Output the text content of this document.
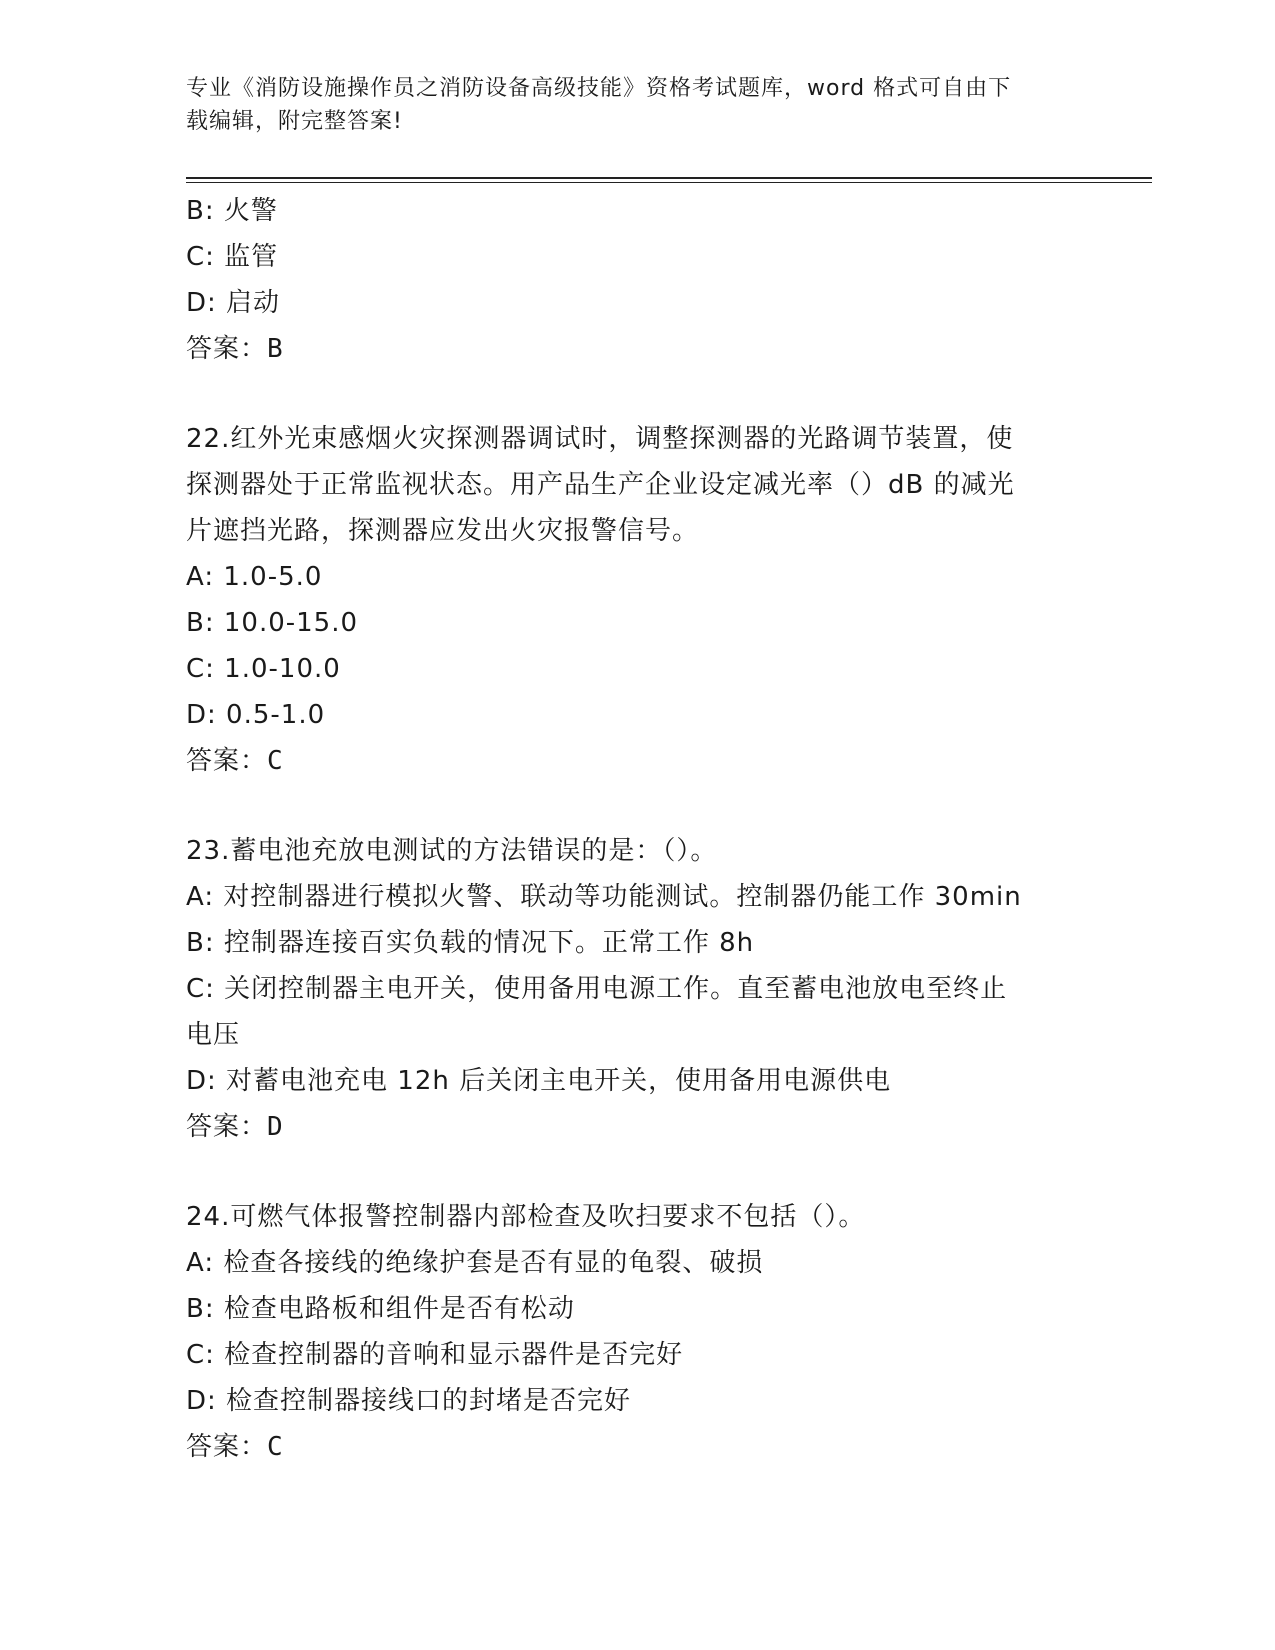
专业《消防设施操作员之消防设备高级技能》资格考试题库，word 格式可自由下
载编辑，附完整答案!
B: 火警
C: 监管
D: 启动
答案：B
22.红外光束感烟火灾探测器调试时，调整探测器的光路调节装置，使
探测器处于正常监视状态。用产品生产企业设定减光率（）dB 的减光
片遮挡光路，探测器应发出火灾报警信号。
A: 1.0-5.0
B: 10.0-15.0
C: 1.0-10.0
D: 0.5-1.0
答案：C
23.蓄电池充放电测试的方法错误的是：（）。
A: 对控制器进行模拟火警、联动等功能测试。控制器仍能工作 30min
B: 控制器连接百实负载的情况下。正常工作 8h
C: 关闭控制器主电开关，使用备用电源工作。直至蓄电池放电至终止
电压
D: 对蓄电池充电 12h 后关闭主电开关，使用备用电源供电
答案：D
24.可燃气体报警控制器内部检查及吹扫要求不包括（）。
A: 检查各接线的绝缘护套是否有显的龟裂、破损
B: 检查电路板和组件是否有松动
C: 检查控制器的音响和显示器件是否完好
D: 检查控制器接线口的封堵是否完好
答案：C
